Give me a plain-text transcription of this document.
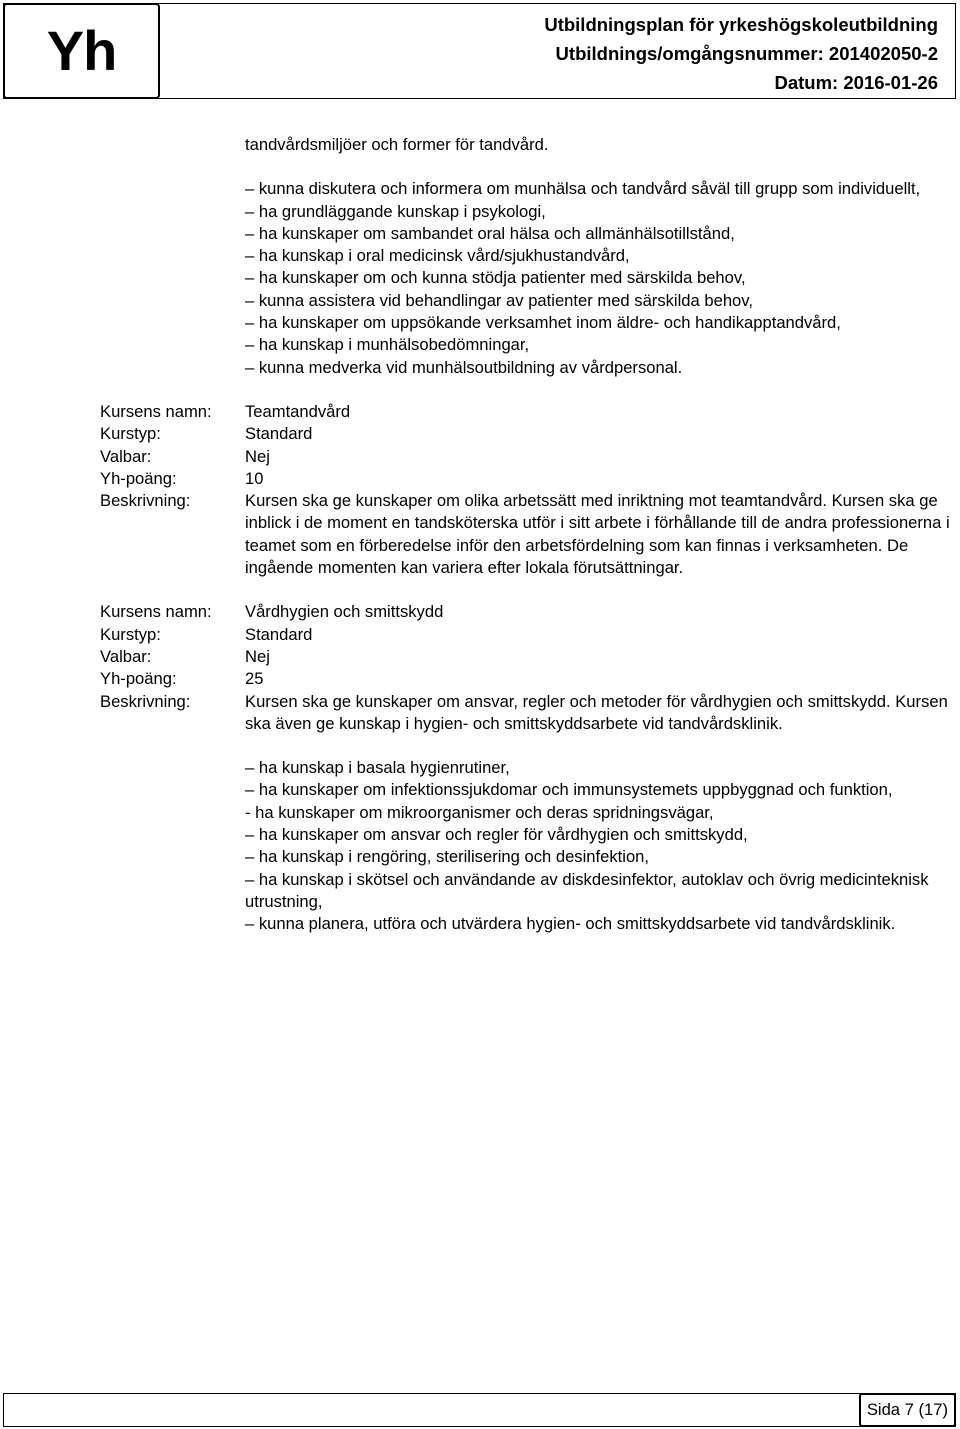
Yh	Utbildningsplan för yrkeshögskoleutbildning
Utbildnings/omgångsnummer: 201402050-2
Datum: 2016-01-26
tandvårdsmiljöer och former för tandvård.
– kunna diskutera och informera om munhälsa och tandvård såväl till grupp som individuellt,
– ha grundläggande kunskap i psykologi,
– ha kunskaper om sambandet oral hälsa och allmänhälsotillstånd,
– ha kunskap i oral medicinsk vård/sjukhustandvård,
– ha kunskaper om och kunna stödja patienter med särskilda behov,
– kunna assistera vid behandlingar av patienter med särskilda behov,
– ha kunskaper om uppsökande verksamhet inom äldre- och handikapptandvård,
– ha kunskap i munhälsobedömningar,
– kunna medverka vid munhälsoutbildning av vårdpersonal.
Kursens namn:	Teamtandvård
Kurstyp:	Standard
Valbar:	Nej
Yh-poäng:	10
Beskrivning:	Kursen ska ge kunskaper om olika arbetssätt med inriktning mot teamtandvård. Kursen ska ge inblick i de moment en tandsköterska utför i sitt arbete i förhållande till de andra professionerna i teamet som en förberedelse inför den arbetsfördelning som kan finnas i verksamheten. De ingående momenten kan variera efter lokala förutsättningar.
Kursens namn:	Vårdhygien och smittskydd
Kurstyp:	Standard
Valbar:	Nej
Yh-poäng:	25
Beskrivning:	Kursen ska ge kunskaper om ansvar, regler och metoder för vårdhygien och smittskydd. Kursen ska även ge kunskap i hygien- och smittskyddsarbete vid tandvårdsklinik.
– ha kunskap i basala hygienrutiner,
– ha kunskaper om infektionssjukdomar och immunsystemets uppbyggnad och funktion,
- ha kunskaper om mikroorganismer och deras spridningsvägar,
– ha kunskaper om ansvar och regler för vårdhygien och smittskydd,
– ha kunskap i rengöring, sterilisering och desinfektion,
– ha kunskap i skötsel och användande av diskdesinfektor, autoklav och övrig medicinteknisk utrustning,
– kunna planera, utföra och utvärdera hygien- och smittskyddsarbete vid tandvårdsklinik.
Sida 7 (17)
